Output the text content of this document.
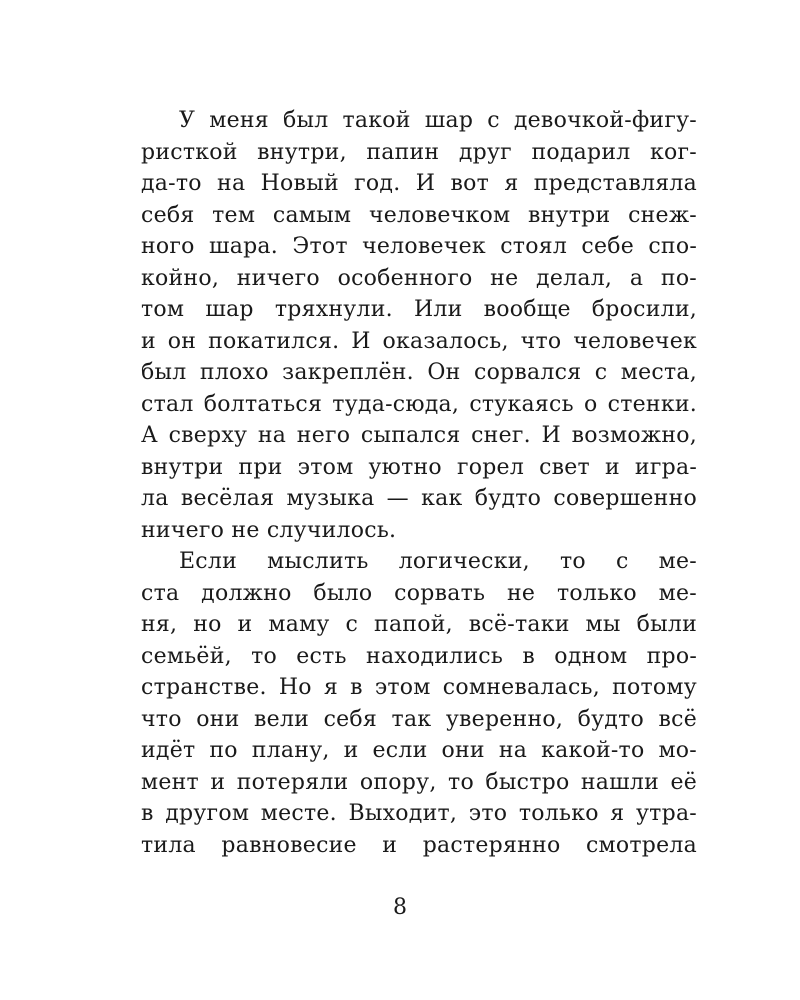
У меня был такой шар с девочкой-фигу-
ристкой внутри, папин друг подарил ког-
да-то на Новый год. И вот я представляла
себя тем самым человечком внутри снеж-
ного шара. Этот человечек стоял себе спо-
койно, ничего особенного не делал, а по-
том шар тряхнули. Или вообще бросили,
и он покатился. И оказалось, что человечек
был плохо закреплён. Он сорвался с места,
стал болтаться туда-сюда, стукаясь о стенки.
А сверху на него сыпался снег. И возможно,
внутри при этом уютно горел свет и игра-
ла весёлая музыка — как будто совершенно
ничего не случилось.
Если мыслить логически, то с ме-
ста должно было сорвать не только ме-
ня, но и маму с папой, всё-таки мы были
семьёй, то есть находились в одном про-
странстве. Но я в этом сомневалась, потому
что они вели себя так уверенно, будто всё
идёт по плану, и если они на какой-то мо-
мент и потеряли опору, то быстро нашли её
в другом месте. Выходит, это только я утра-
тила равновесие и растерянно смотрела
8
